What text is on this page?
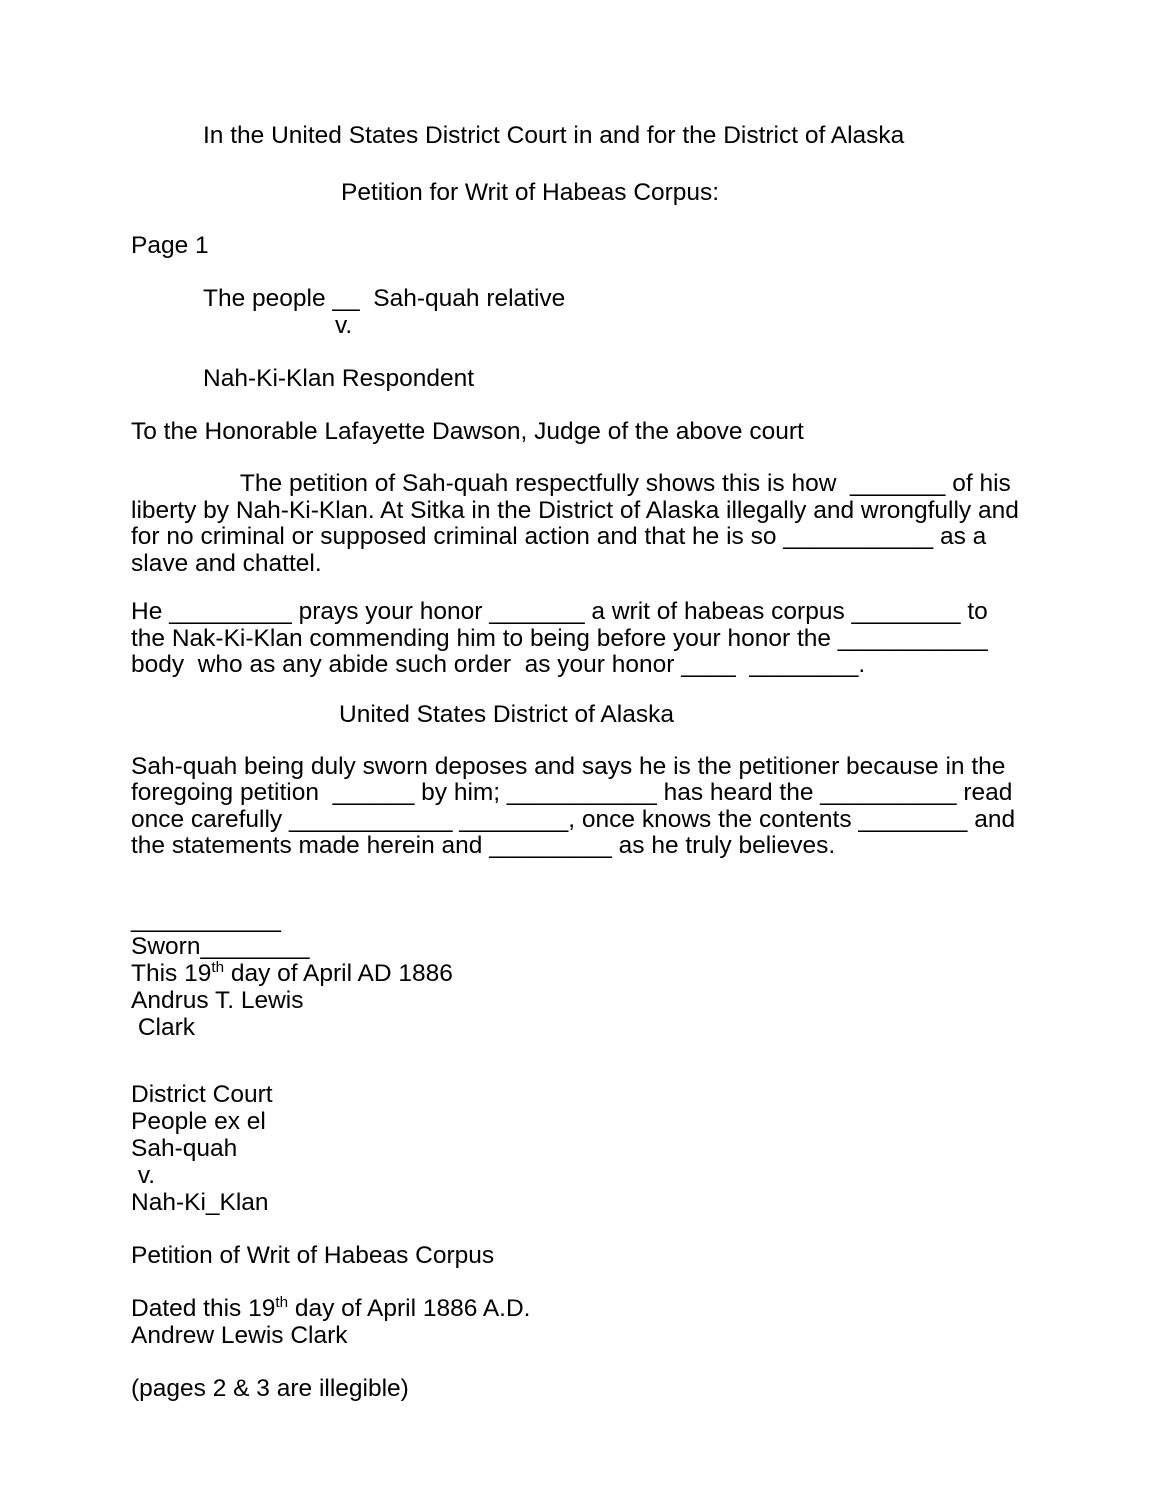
In the United States District Court in and for the District of Alaska
Petition for Writ of Habeas Corpus:
Page 1
The people __  Sah-quah relative
v.
Nah-Ki-Klan Respondent
To the Honorable Lafayette Dawson, Judge of the above court
	The petition of Sah-quah respectfully shows this is how  _______ of his liberty by Nah-Ki-Klan. At Sitka in the District of Alaska illegally and wrongfully and for no criminal or supposed criminal action and that he is so ___________ as a slave and chattel.
He _________ prays your honor _______ a writ of habeas corpus ________ to the Nak-Ki-Klan commending him to being before your honor the ___________ body  who as any abide such order  as your honor ____  ________.
United States District of Alaska
Sah-quah being duly sworn deposes and says he is the petitioner because in the foregoing petition  ______ by him; ___________ has heard the __________ read once carefully ____________ ________, once knows the contents ________ and the statements made herein and _________ as he truly believes.
___________
Sworn________
This 19th day of April AD 1886
Andrus T. Lewis
Clark
District Court
People ex el
Sah-quah
v.
Nah-Ki_Klan
Petition of Writ of Habeas Corpus
Dated this 19th day of April 1886 A.D.
Andrew Lewis Clark
(pages 2 & 3 are illegible)
